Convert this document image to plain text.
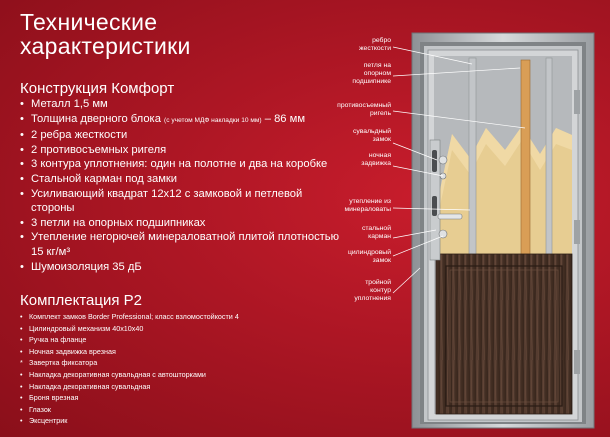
Технические характеристики
Конструкция Комфорт
• Металл 1,5 мм
• Толщина дверного блока (с учетом МДФ накладки 10 мм) – 86 мм
• 2 ребра жесткости
• 2 противосъемных ригеля
• 3 контура уплотнения: один на полотне и два на коробке
• Стальной карман под замки
• Усиливающий квадрат 12х12 с замковой и петлевой стороны
• 3 петли на опорных подшипниках
• Утепление негорючей минераловатной плитой плотностью 15 кг/м³
• Шумоизоляция 35 дБ
Комплектация Р2
• Комплект замков Border Professional; класс взломостойкости 4
• Цилиндровый механизм 40х10х40
• Ручка на фланце
• Ночная задвижка врезная
* Завертка фиксатора
• Накладка декоративная сувальдная с автошторками
• Накладка декоративная сувальдная
• Броня врезная
• Глазок
• Эксцентрик
ребро
жесткости
петля на
опорном
подшипнике
противосъемный
ригель
сувальдный
замок
ночная
задвижка
утепление из
минераловаты
стальной
карман
цилиндровый
замок
тройной
контур
уплотнения
